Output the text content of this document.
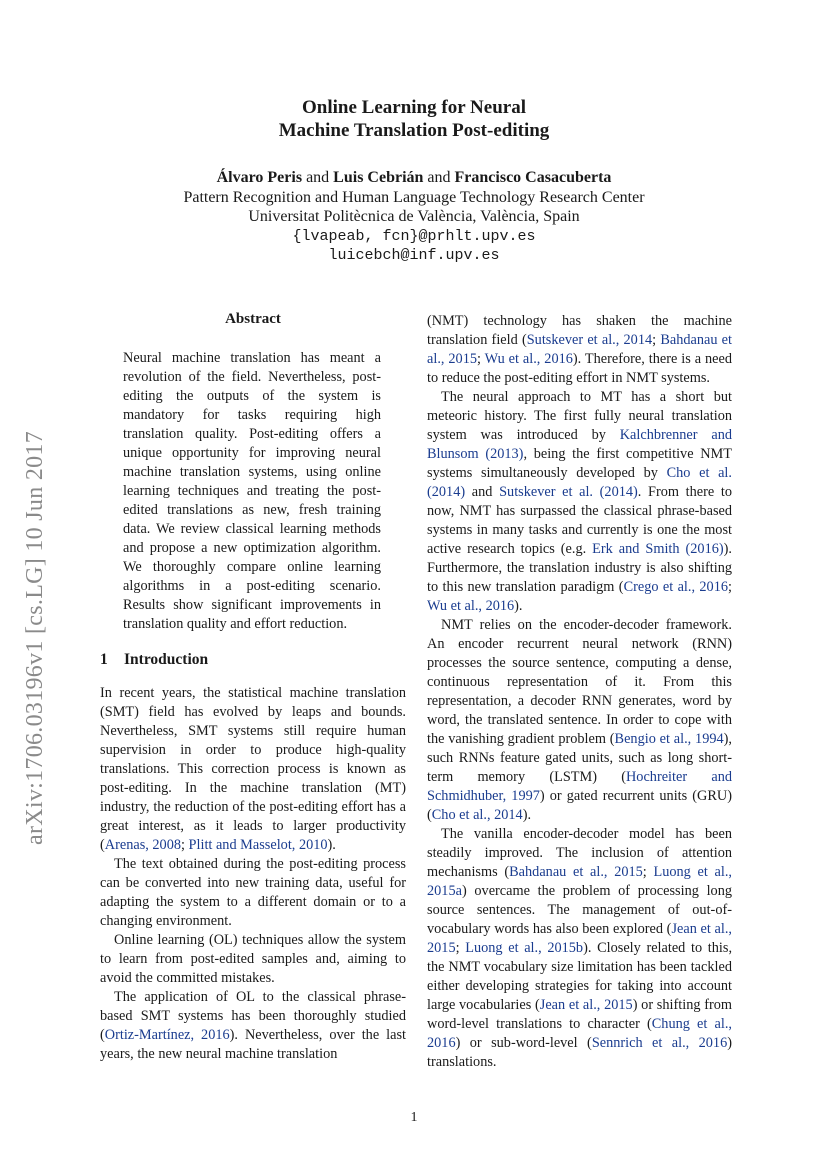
arXiv:1706.03196v1 [cs.LG] 10 Jun 2017
Online Learning for Neural
Machine Translation Post-editing
Álvaro Peris and Luis Cebrián and Francisco Casacuberta
Pattern Recognition and Human Language Technology Research Center
Universitat Politècnica de València, València, Spain
{lvapeab, fcn}@prhlt.upv.es
luicebch@inf.upv.es
Abstract
Neural machine translation has meant a revolution of the field. Nevertheless, post-editing the outputs of the system is mandatory for tasks requiring high translation quality. Post-editing offers a unique opportunity for improving neural machine translation systems, using online learning techniques and treating the post-edited translations as new, fresh training data. We review classical learning methods and propose a new optimization algorithm. We thoroughly compare online learning algorithms in a post-editing scenario. Results show significant improvements in translation quality and effort reduction.
1 Introduction

In recent years, the statistical machine translation (SMT) field has evolved by leaps and bounds. Nevertheless, SMT systems still require human supervision in order to produce high-quality translations. This correction process is known as post-editing. In the machine translation (MT) industry, the reduction of the post-editing effort has a great interest, as it leads to larger productivity (Arenas, 2008; Plitt and Masselot, 2010).

The text obtained during the post-editing process can be converted into new training data, useful for adapting the system to a different domain or to a changing environment.

Online learning (OL) techniques allow the system to learn from post-edited samples and, aiming to avoid the committed mistakes.

The application of OL to the classical phrase-based SMT systems has been thoroughly studied (Ortiz-Martínez, 2016). Nevertheless, over the last years, the new neural machine translation

(NMT) technology has shaken the machine translation field (Sutskever et al., 2014; Bahdanau et al., 2015; Wu et al., 2016). Therefore, there is a need to reduce the post-editing effort in NMT systems.

The neural approach to MT has a short but meteoric history. The first fully neural translation system was introduced by Kalchbrenner and Blunsom (2013), being the first competitive NMT systems simultaneously developed by Cho et al. (2014) and Sutskever et al. (2014). From there to now, NMT has surpassed the classical phrase-based systems in many tasks and currently is one the most active research topics (e.g. Erk and Smith (2016)). Furthermore, the translation industry is also shifting to this new translation paradigm (Crego et al., 2016; Wu et al., 2016).

NMT relies on the encoder-decoder framework. An encoder recurrent neural network (RNN) processes the source sentence, computing a dense, continuous representation of it. From this representation, a decoder RNN generates, word by word, the translated sentence. In order to cope with the vanishing gradient problem (Bengio et al., 1994), such RNNs feature gated units, such as long short-term memory (LSTM) (Hochreiter and Schmidhuber, 1997) or gated recurrent units (GRU) (Cho et al., 2014).

The vanilla encoder-decoder model has been steadily improved. The inclusion of attention mechanisms (Bahdanau et al., 2015; Luong et al., 2015a) overcame the problem of processing long source sentences. The management of out-of-vocabulary words has also been explored (Jean et al., 2015; Luong et al., 2015b). Closely related to this, the NMT vocabulary size limitation has been tackled either developing strategies for taking into account large vocabularies (Jean et al., 2015) or shifting from word-level translations to character (Chung et al., 2016) or sub-word-level (Sennrich et al., 2016) translations.

1
